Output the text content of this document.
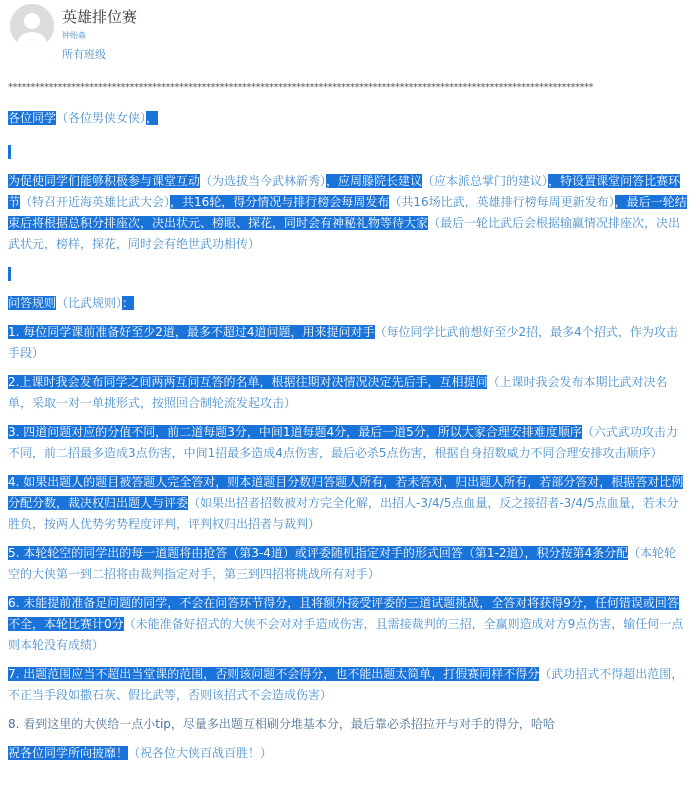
英雄排位赛
钟贻森
所有班级
**********************************************************************************************************************************
各位同学（各位男侠女侠），
为促使同学们能够积极参与课堂互动（为选拔当今武林新秀），应周滕院长建议（应本派总掌门的建议），特设置课堂问答比赛环节（特召开近海英雄比武大会），共16轮，得分情况与排行榜会每周发布（共16场比武，英雄排行榜每周更新发布），最后一轮结束后将根据总积分排座次，决出状元、榜眼、探花，同时会有神秘礼物等待大家（最后一轮比武后会根据输赢情况排座次，决出武状元，榜样，探花，同时会有绝世武功相传）
问答规则（比武规则）：
1. 每位同学课前准备好至少2道，最多不超过4道问题，用来提问对手（每位同学比武前想好至少2招，最多4个招式，作为攻击手段）
2.上课时我会发布同学之间两两互问互答的名单，根据往期对决情况决定先后手，互相提问（上课时我会发布本期比武对决名单，采取一对一单挑形式，按照回合制轮流发起攻击）
3. 四道问题对应的分值不同，前二道每题3分，中间1道每题4分，最后一道5分，所以大家合理安排难度顺序（六式武功攻击力不同，前二招最多造成3点伤害，中间1招最多造成4点伤害，最后必杀5点伤害，根据自身招数威力不同合理安排攻击顺序）
4. 如果出题人的题目被答题人完全答对，则本道题目分数归答题人所有，若未答对，归出题人所有，若部分答对，根据答对比例分配分数，裁决权归出题人与评委（如果出招者招数被对方完全化解，出招人-3/4/5点血量，反之接招者-3/4/5点血量，若未分胜负，按两人优势劣势程度评判，评判权归出招者与裁判）
5. 本轮轮空的同学出的每一道题将由抢答（第3-4道）或评委随机指定对手的形式回答（第1-2道），积分按第4条分配（本轮轮空的大侠第一到二招将由裁判指定对手，第三到四招将挑战所有对手）
6. 未能提前准备足问题的同学，不会在问答环节得分，且将额外接受评委的三道试题挑战，全答对将获得9分，任何错误或回答不全，本轮比赛计0分（未能准备好招式的大侠不会对对手造成伤害，且需接裁判的三招，全赢则造成对方9点伤害，输任何一点则本轮没有成绩）
7. 出题范围应当不超出当堂课的范围，否则该问题不会得分，也不能出题太简单，打假赛同样不得分（武功招式不得超出范围，不正当手段如撒石灰、假比武等，否则该招式不会造成伤害）
8. 看到这里的大侠给一点小tip，尽量多出题互相刷分堆基本分，最后靠必杀招拉开与对手的得分，哈哈
祝各位同学所向披靡！（祝各位大侠百战百胜！）
